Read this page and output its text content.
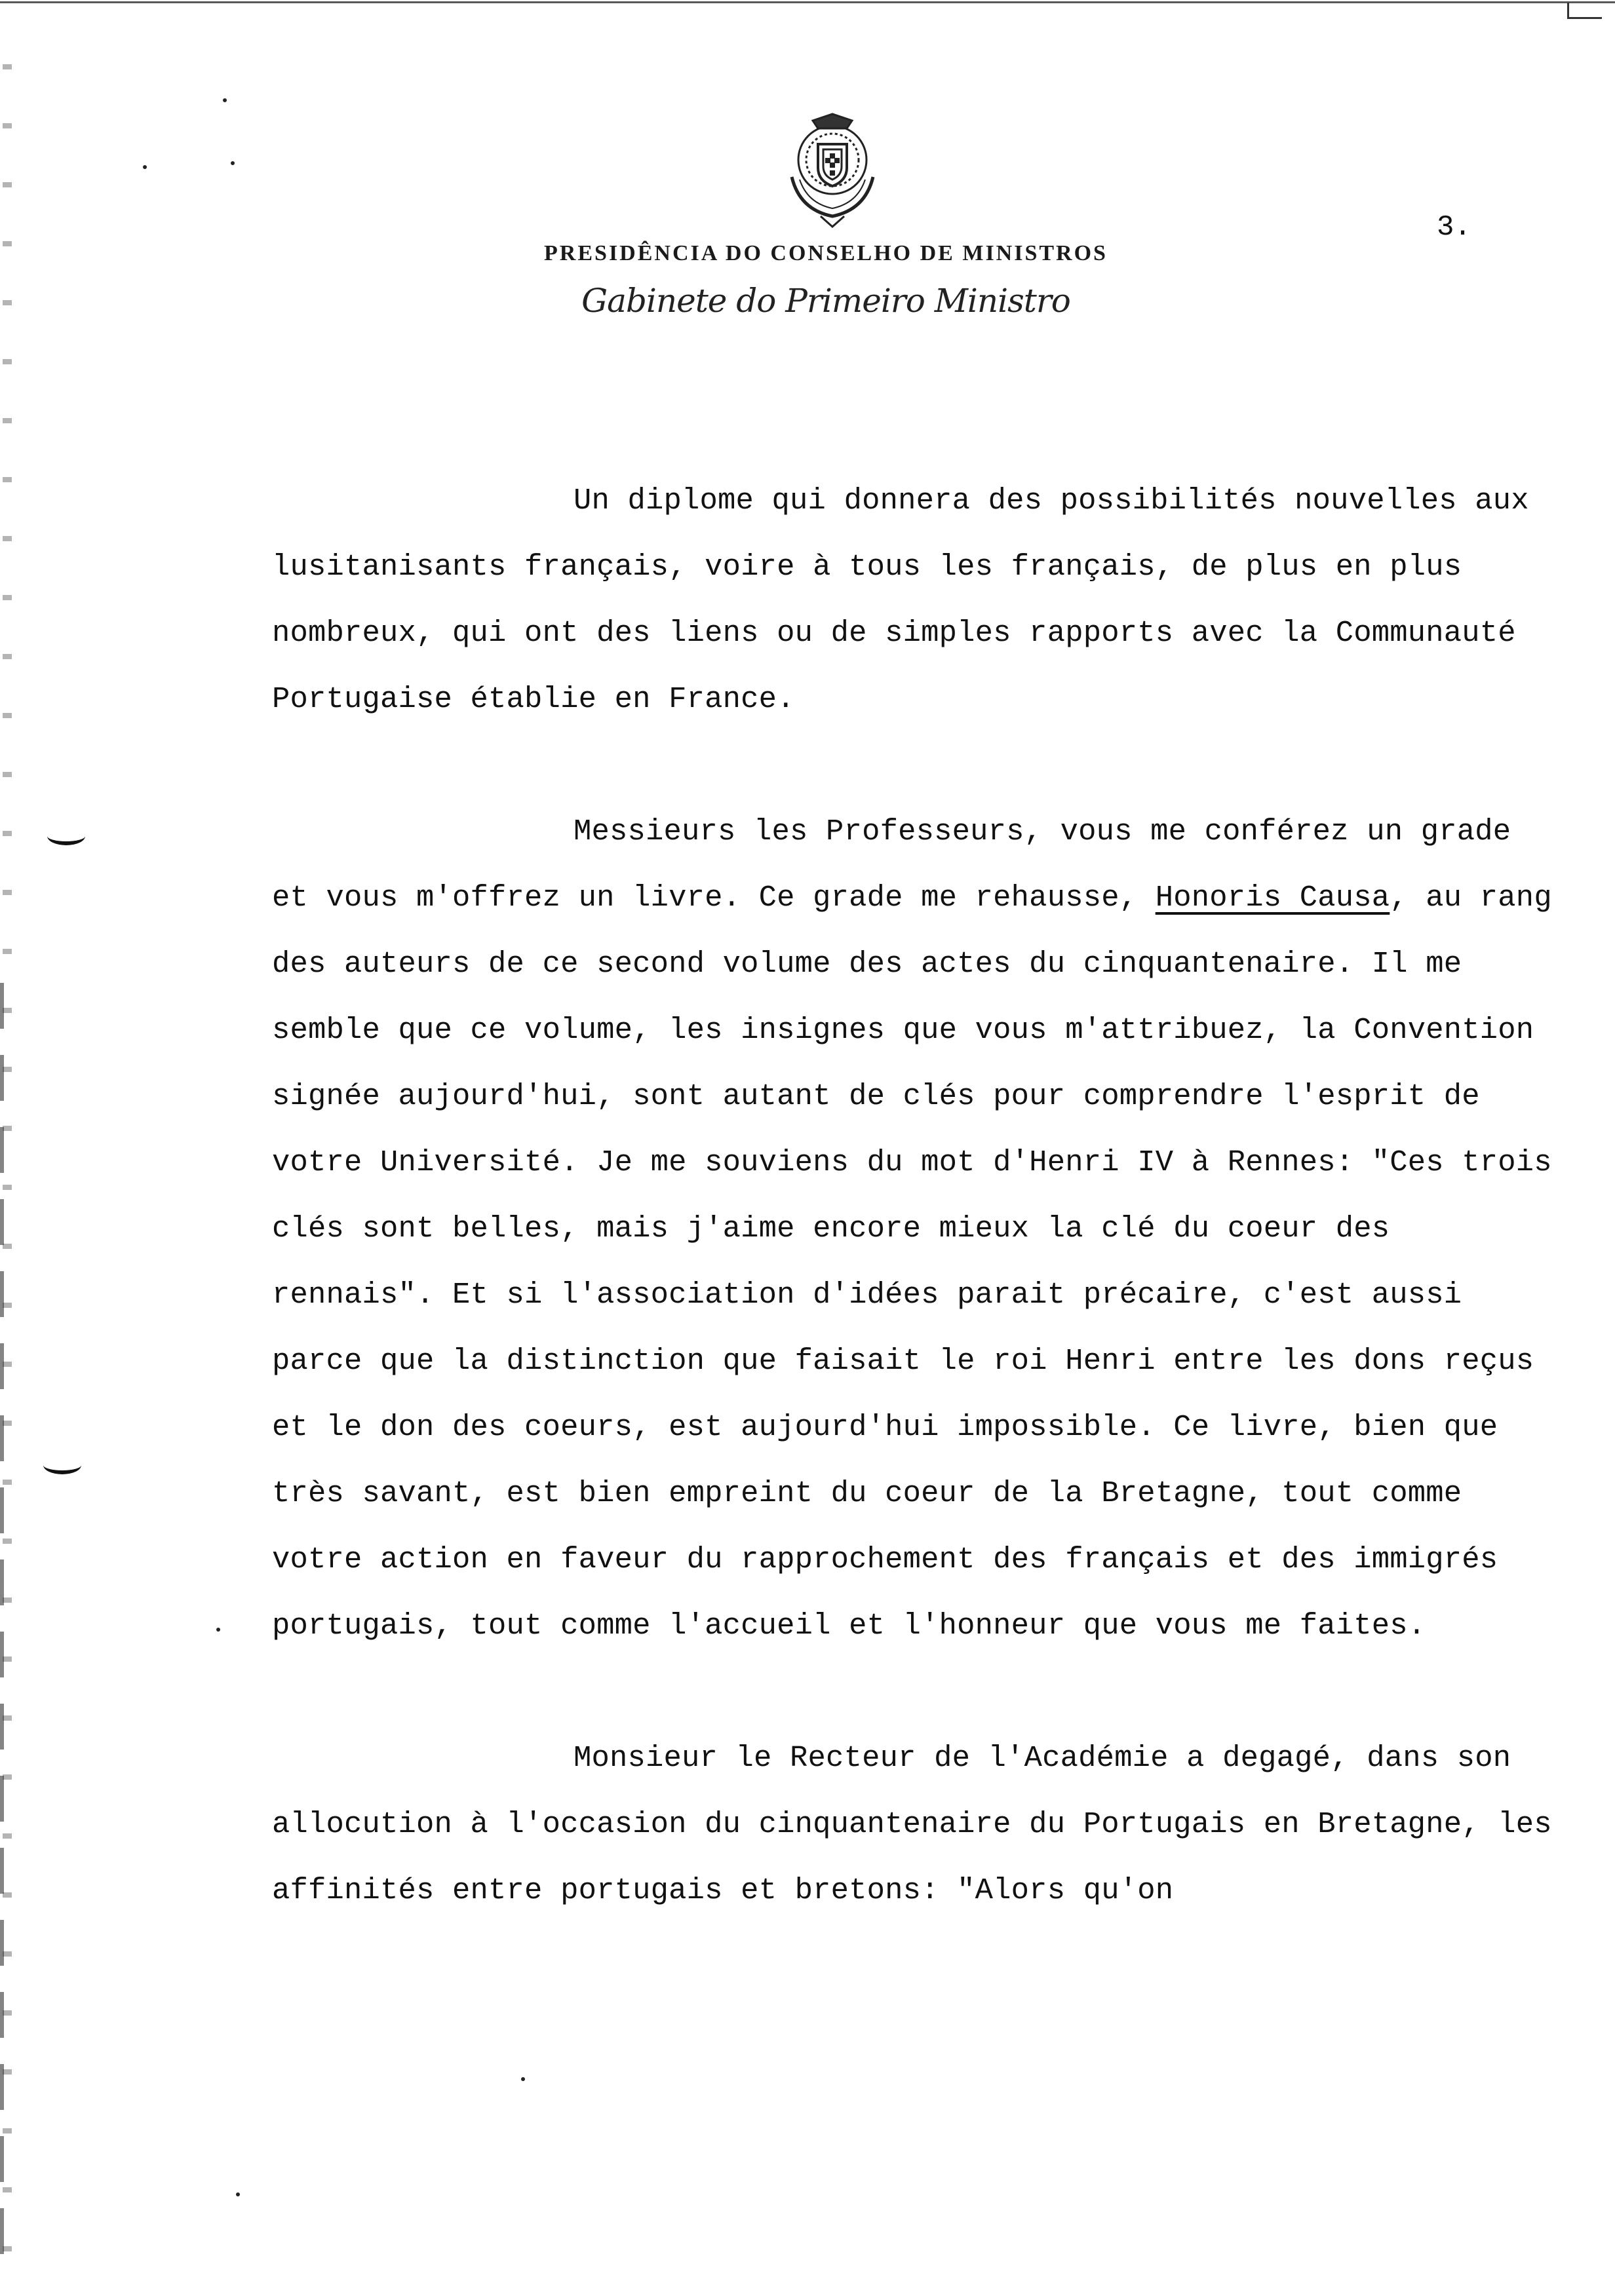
PRESIDÊNCIA DO CONSELHO DE MINISTROS
Gabinete do Primeiro Ministro
3.

Un diplome qui donnera des possibilités nouvelles aux lusitanisants français, voire à tous les français, de plus en plus nombreux, qui ont des liens ou de simples rapports avec la Communauté Portugaise établie en France.

Messieurs les Professeurs, vous me conférez un grade et vous m'offrez un livre. Ce grade me rehausse, Honoris Causa, au rang des auteurs de ce second volume des actes du cinquantenaire. Il me semble que ce volume, les insignes que vous m'attribuez, la Convention signée aujourd'hui, sont autant de clés pour comprendre l'esprit de votre Université. Je me souviens du mot d'Henri IV à Rennes: "Ces trois clés sont belles, mais j'aime encore mieux la clé du coeur des rennais". Et si l'association d'idées parait précaire, c'est aussi parce que la distinction que faisait le roi Henri entre les dons reçus et le don des coeurs, est aujourd'hui impossible. Ce livre, bien que très savant, est bien empreint du coeur de la Bretagne, tout comme votre action en faveur du rapprochement des français et des immigrés portugais, tout comme l'accueil et l'honneur que vous me faites.

Monsieur le Recteur de l'Académie a degagé, dans son allocution à l'occasion du cinquantenaire du Portugais en Bretagne, les affinités entre portugais et bretons: "Alors qu'on
